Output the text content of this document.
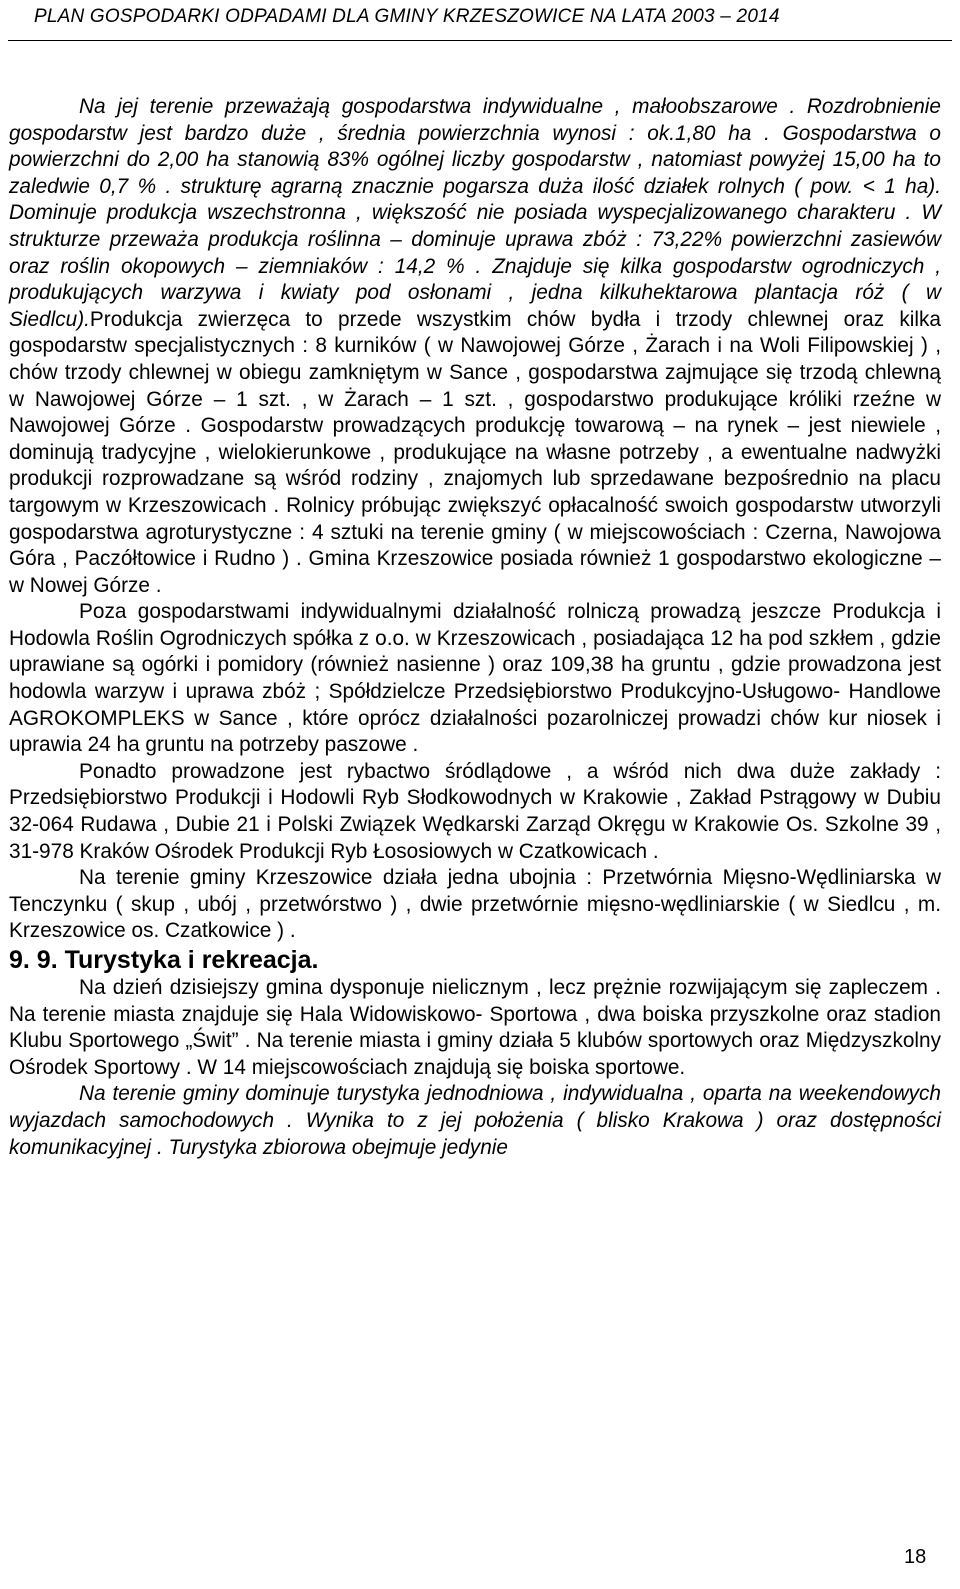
PLAN GOSPODARKI ODPADAMI DLA GMINY KRZESZOWICE NA LATA 2003 – 2014

Na jej terenie przeważają gospodarstwa indywidualne , małoobszarowe . Rozdrobnienie gospodarstw jest bardzo duże , średnia powierzchnia wynosi : ok.1,80 ha . Gospodarstwa o powierzchni do 2,00 ha stanowią 83% ogólnej liczby gospodarstw , natomiast powyżej 15,00 ha to zaledwie 0,7 % . strukturę agrarną znacznie pogarsza duża ilość działek rolnych ( pow. < 1 ha). Dominuje produkcja wszechstronna , większość nie posiada wyspecjalizowanego charakteru . W strukturze przeważa produkcja roślinna – dominuje uprawa zbóż : 73,22% powierzchni zasiewów oraz roślin okopowych – ziemniaków : 14,2 % . Znajduje się kilka gospodarstw ogrodniczych , produkujących warzywa i kwiaty pod osłonami , jedna kilkuhektarowa plantacja róż ( w Siedlcu).Produkcja zwierzęca to przede wszystkim chów bydła i trzody chlewnej oraz kilka gospodarstw specjalistycznych : 8 kurników ( w Nawojowej Górze , Żarach i na Woli Filipowskiej ) , chów trzody chlewnej w obiegu zamkniętym w Sance , gospodarstwa zajmujące się trzodą chlewną w Nawojowej Górze – 1 szt. , w Żarach – 1 szt. , gospodarstwo produkujące króliki rzeźne w Nawojowej Górze . Gospodarstw prowadzących produkcję towarową – na rynek – jest niewiele , dominują tradycyjne , wielokierunkowe , produkujące na własne potrzeby , a ewentualne nadwyżki produkcji rozprowadzane są wśród rodziny , znajomych lub sprzedawane bezpośrednio na placu targowym w Krzeszowicach . Rolnicy próbując zwiększyć opłacalność swoich gospodarstw utworzyli gospodarstwa agroturystyczne : 4 sztuki na terenie gminy ( w miejscowościach : Czerna, Nawojowa Góra , Paczółtowice i Rudno ) . Gmina Krzeszowice posiada również 1 gospodarstwo ekologiczne – w Nowej Górze .

Poza gospodarstwami indywidualnymi działalność rolniczą prowadzą jeszcze Produkcja i Hodowla Roślin Ogrodniczych spółka z o.o. w Krzeszowicach , posiadająca 12 ha pod szkłem , gdzie uprawiane są ogórki i pomidory (również nasienne ) oraz 109,38 ha gruntu , gdzie prowadzona jest hodowla warzyw i uprawa zbóż ; Spółdzielcze Przedsiębiorstwo Produkcyjno-Usługowo- Handlowe AGROKOMPLEKS w Sance , które oprócz działalności pozarolniczej prowadzi chów kur niosek i uprawia 24 ha gruntu na potrzeby paszowe .

Ponadto prowadzone jest rybactwo śródlądowe , a wśród nich dwa duże zakłady : Przedsiębiorstwo Produkcji i Hodowli Ryb Słodkowodnych w Krakowie , Zakład Pstrągowy w Dubiu 32-064 Rudawa , Dubie 21 i Polski Związek Wędkarski Zarząd Okręgu w Krakowie Os. Szkolne 39 , 31-978 Kraków Ośrodek Produkcji Ryb Łososiowych w Czatkowicach .

Na terenie gminy Krzeszowice działa jedna ubojnia : Przetwórnia Mięsno-Wędliniarska w Tenczynku ( skup , ubój , przetwórstwo ) , dwie przetwórnie mięsno-wędliniarskie ( w Siedlcu , m. Krzeszowice os. Czatkowice ) .

9. 9. Turystyka i rekreacja.

Na dzień dzisiejszy gmina dysponuje nielicznym , lecz prężnie rozwijającym się zapleczem . Na terenie miasta znajduje się Hala Widowiskowo- Sportowa , dwa boiska przyszkolne oraz stadion Klubu Sportowego „Świt” . Na terenie miasta i gminy działa 5 klubów sportowych oraz Międzyszkolny Ośrodek Sportowy . W 14 miejscowościach znajdują się boiska sportowe.

Na terenie gminy dominuje turystyka jednodniowa , indywidualna , oparta na weekendowych wyjazdach samochodowych . Wynika to z jej położenia ( blisko Krakowa ) oraz dostępności komunikacyjnej . Turystyka zbiorowa obejmuje jedynie

18
